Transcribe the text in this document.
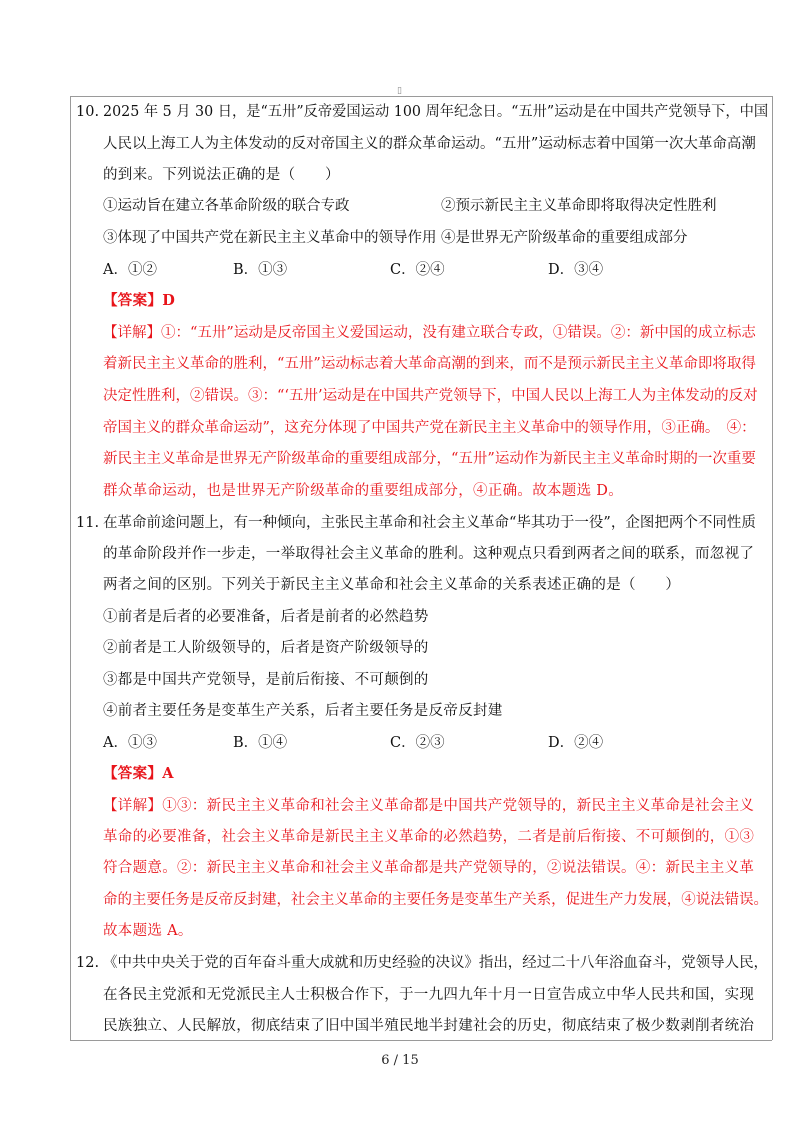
▯
10. 2025 年 5 月 30 日，是“五卅”反帝爱国运动 100 周年纪念日。“五卅”运动是在中国共产党领导下，中国
人民以上海工人为主体发动的反对帝国主义的群众革命运动。“五卅”运动标志着中国第一次大革命高潮
的到来。下列说法正确的是（　　）
①运动旨在建立各革命阶级的联合专政	②预示新民主主义革命即将取得决定性胜利
③体现了中国共产党在新民主主义革命中的领导作用 ④是世界无产阶级革命的重要组成部分
A．①②	B．①③	C．②④	D．③④
【答案】D
【详解】①：“五卅”运动是反帝国主义爱国运动，没有建立联合专政，①错误。②：新中国的成立标志
着新民主主义革命的胜利，“五卅”运动标志着大革命高潮的到来，而不是预示新民主主义革命即将取得
决定性胜利，②错误。③：“‘五卅’运动是在中国共产党领导下，中国人民以上海工人为主体发动的反对
帝国主义的群众革命运动”，这充分体现了中国共产党在新民主主义革命中的领导作用，③正确。　④：
新民主主义革命是世界无产阶级革命的重要组成部分，“五卅”运动作为新民主主义革命时期的一次重要
群众革命运动，也是世界无产阶级革命的重要组成部分，④正确。故本题选 D。
11. 在革命前途问题上，有一种倾向，主张民主革命和社会主义革命“毕其功于一役”，企图把两个不同性质
的革命阶段并作一步走，一举取得社会主义革命的胜利。这种观点只看到两者之间的联系，而忽视了
两者之间的区别。下列关于新民主主义革命和社会主义革命的关系表述正确的是（　　）
①前者是后者的必要准备，后者是前者的必然趋势
②前者是工人阶级领导的，后者是资产阶级领导的
③都是中国共产党领导，是前后衔接、不可颠倒的
④前者主要任务是变革生产关系，后者主要任务是反帝反封建
A．①③	B．①④	C．②③	D．②④
【答案】A
【详解】①③：新民主主义革命和社会主义革命都是中国共产党领导的，新民主主义革命是社会主义
革命的必要准备，社会主义革命是新民主主义革命的必然趋势，二者是前后衔接、不可颠倒的，①③
符合题意。②：新民主主义革命和社会主义革命都是共产党领导的，②说法错误。④：新民主主义革
命的主要任务是反帝反封建，社会主义革命的主要任务是变革生产关系，促进生产力发展，④说法错误。
故本题选 A。
12. 《中共中央关于党的百年奋斗重大成就和历史经验的决议》指出，经过二十八年浴血奋斗，党领导人民，
在各民主党派和无党派民主人士积极合作下，于一九四九年十月一日宣告成立中华人民共和国，实现
民族独立、人民解放，彻底结束了旧中国半殖民地半封建社会的历史，彻底结束了极少数剥削者统治
6 / 15
